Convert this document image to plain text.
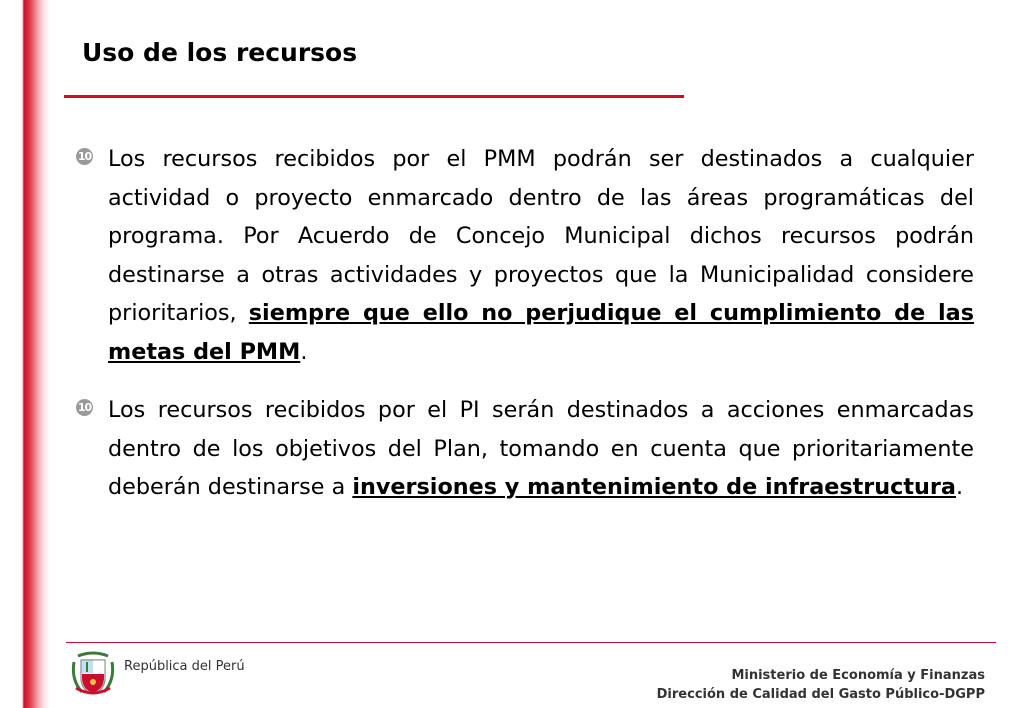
Uso de los recursos
10 Los recursos recibidos por el PMM podrán ser destinados a cualquier actividad o proyecto enmarcado dentro de las áreas programáticas del programa. Por Acuerdo de Concejo Municipal dichos recursos podrán destinarse a otras actividades y proyectos que la Municipalidad considere prioritarios, siempre que ello no perjudique el cumplimiento de las metas del PMM.
10 Los recursos recibidos por el PI serán destinados a acciones enmarcadas dentro de los objetivos del Plan, tomando en cuenta que prioritariamente deberán destinarse a inversiones y mantenimiento de infraestructura.
República del Perú
Ministerio de Economía y Finanzas
Dirección de Calidad del Gasto Público-DGPP
